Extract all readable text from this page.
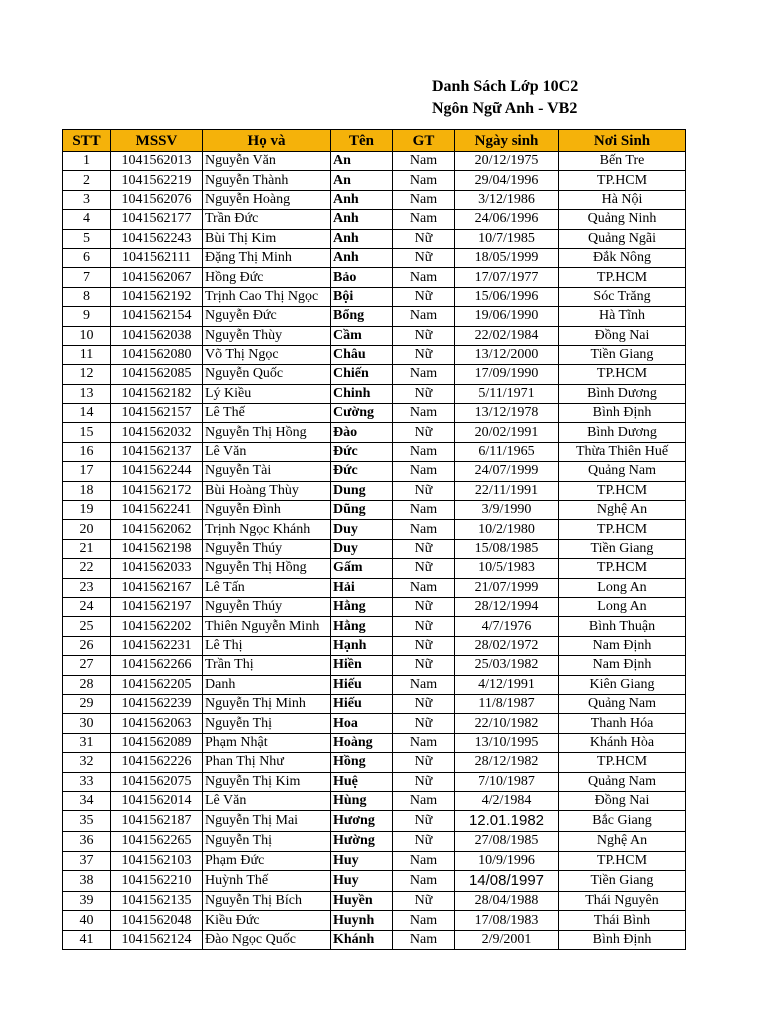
Danh Sách Lớp 10C2
Ngôn Ngữ Anh - VB2
STT	MSSV	Họ và	Tên	GT	Ngày sinh	Nơi Sinh
1	1041562013	Nguyễn Văn	An	Nam	20/12/1975	Bến Tre
2	1041562219	Nguyễn Thành	An	Nam	29/04/1996	TP.HCM
3	1041562076	Nguyễn Hoàng	Anh	Nam	3/12/1986	Hà Nội
4	1041562177	Trần Đức	Anh	Nam	24/06/1996	Quảng Ninh
5	1041562243	Bùi Thị Kim	Anh	Nữ	10/7/1985	Quảng Ngãi
6	1041562111	Đặng Thị Minh	Anh	Nữ	18/05/1999	Đắk Nông
7	1041562067	Hồng Đức	Bảo	Nam	17/07/1977	TP.HCM
8	1041562192	Trịnh Cao Thị Ngọc	Bội	Nữ	15/06/1996	Sóc Trăng
9	1041562154	Nguyễn Đức	Bổng	Nam	19/06/1990	Hà Tĩnh
10	1041562038	Nguyễn Thùy	Cầm	Nữ	22/02/1984	Đồng Nai
11	1041562080	Võ Thị Ngọc	Châu	Nữ	13/12/2000	Tiền Giang
12	1041562085	Nguyễn Quốc	Chiến	Nam	17/09/1990	TP.HCM
13	1041562182	Lý Kiều	Chinh	Nữ	5/11/1971	Bình Dương
14	1041562157	Lê Thế	Cường	Nam	13/12/1978	Bình Định
15	1041562032	Nguyễn Thị Hồng	Đào	Nữ	20/02/1991	Bình Dương
16	1041562137	Lê Văn	Đức	Nam	6/11/1965	Thừa Thiên Huế
17	1041562244	Nguyễn Tài	Đức	Nam	24/07/1999	Quảng Nam
18	1041562172	Bùi Hoàng Thùy	Dung	Nữ	22/11/1991	TP.HCM
19	1041562241	Nguyễn Đình	Dũng	Nam	3/9/1990	Nghệ An
20	1041562062	Trịnh Ngọc Khánh	Duy	Nam	10/2/1980	TP.HCM
21	1041562198	Nguyễn Thúy	Duy	Nữ	15/08/1985	Tiền Giang
22	1041562033	Nguyễn Thị Hồng	Gấm	Nữ	10/5/1983	TP.HCM
23	1041562167	Lê Tấn	Hải	Nam	21/07/1999	Long An
24	1041562197	Nguyễn Thúy	Hằng	Nữ	28/12/1994	Long An
25	1041562202	Thiên Nguyễn Minh	Hằng	Nữ	4/7/1976	Bình Thuận
26	1041562231	Lê Thị	Hạnh	Nữ	28/02/1972	Nam Định
27	1041562266	Trần Thị	Hiền	Nữ	25/03/1982	Nam Định
28	1041562205	Danh	Hiếu	Nam	4/12/1991	Kiên Giang
29	1041562239	Nguyễn Thị Minh	Hiếu	Nữ	11/8/1987	Quảng Nam
30	1041562063	Nguyễn Thị	Hoa	Nữ	22/10/1982	Thanh Hóa
31	1041562089	Phạm Nhật	Hoàng	Nam	13/10/1995	Khánh Hòa
32	1041562226	Phan Thị Như	Hồng	Nữ	28/12/1982	TP.HCM
33	1041562075	Nguyễn Thị Kim	Huệ	Nữ	7/10/1987	Quảng Nam
34	1041562014	Lê Văn	Hùng	Nam	4/2/1984	Đồng Nai
35	1041562187	Nguyễn Thị Mai	Hương	Nữ	12.01.1982	Bắc Giang
36	1041562265	Nguyễn Thị	Hường	Nữ	27/08/1985	Nghệ An
37	1041562103	Phạm Đức	Huy	Nam	10/9/1996	TP.HCM
38	1041562210	Huỳnh Thế	Huy	Nam	14/08/1997	Tiền Giang
39	1041562135	Nguyễn Thị Bích	Huyền	Nữ	28/04/1988	Thái Nguyên
40	1041562048	Kiều Đức	Huynh	Nam	17/08/1983	Thái Bình
41	1041562124	Đào Ngọc Quốc	Khánh	Nam	2/9/2001	Bình Định
